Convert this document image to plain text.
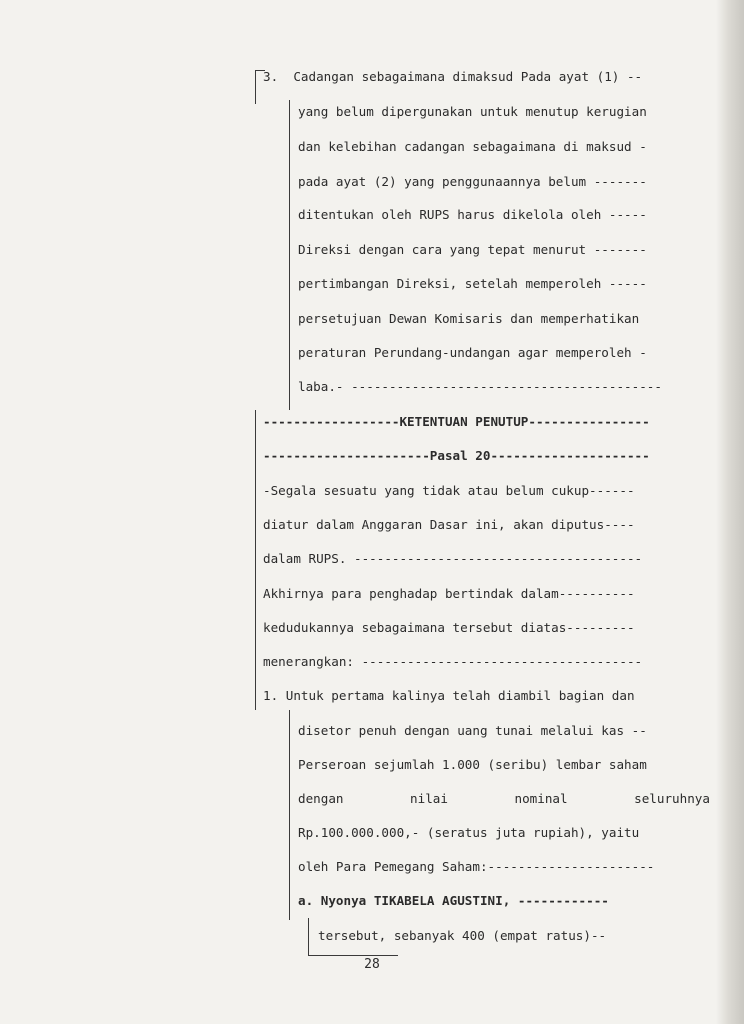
3.  Cadangan sebagaimana dimaksud Pada ayat (1) --
yang belum dipergunakan untuk menutup kerugian
dan kelebihan cadangan sebagaimana di maksud -
pada ayat (2) yang penggunaannya belum -------
ditentukan oleh RUPS harus dikelola oleh -----
Direksi dengan cara yang tepat menurut -------
pertimbangan Direksi, setelah memperoleh -----
persetujuan Dewan Komisaris dan memperhatikan
peraturan Perundang-undangan agar memperoleh -
laba.- -----------------------------------------
------------------KETENTUAN PENUTUP----------------
----------------------Pasal 20---------------------
-Segala sesuatu yang tidak atau belum cukup------
diatur dalam Anggaran Dasar ini, akan diputus----
dalam RUPS. --------------------------------------
Akhirnya para penghadap bertindak dalam----------
kedudukannya sebagaimana tersebut diatas---------
menerangkan: -------------------------------------
1. Untuk pertama kalinya telah diambil bagian dan
disetor penuh dengan uang tunai melalui kas --
Perseroan sejumlah 1.000 (seribu) lembar saham
dengan	nilai	nominal	seluruhnya
Rp.100.000.000,- (seratus juta rupiah), yaitu
oleh Para Pemegang Saham:----------------------
a. Nyonya TIKABELA AGUSTINI, ------------
tersebut, sebanyak 400 (empat ratus)--
28
